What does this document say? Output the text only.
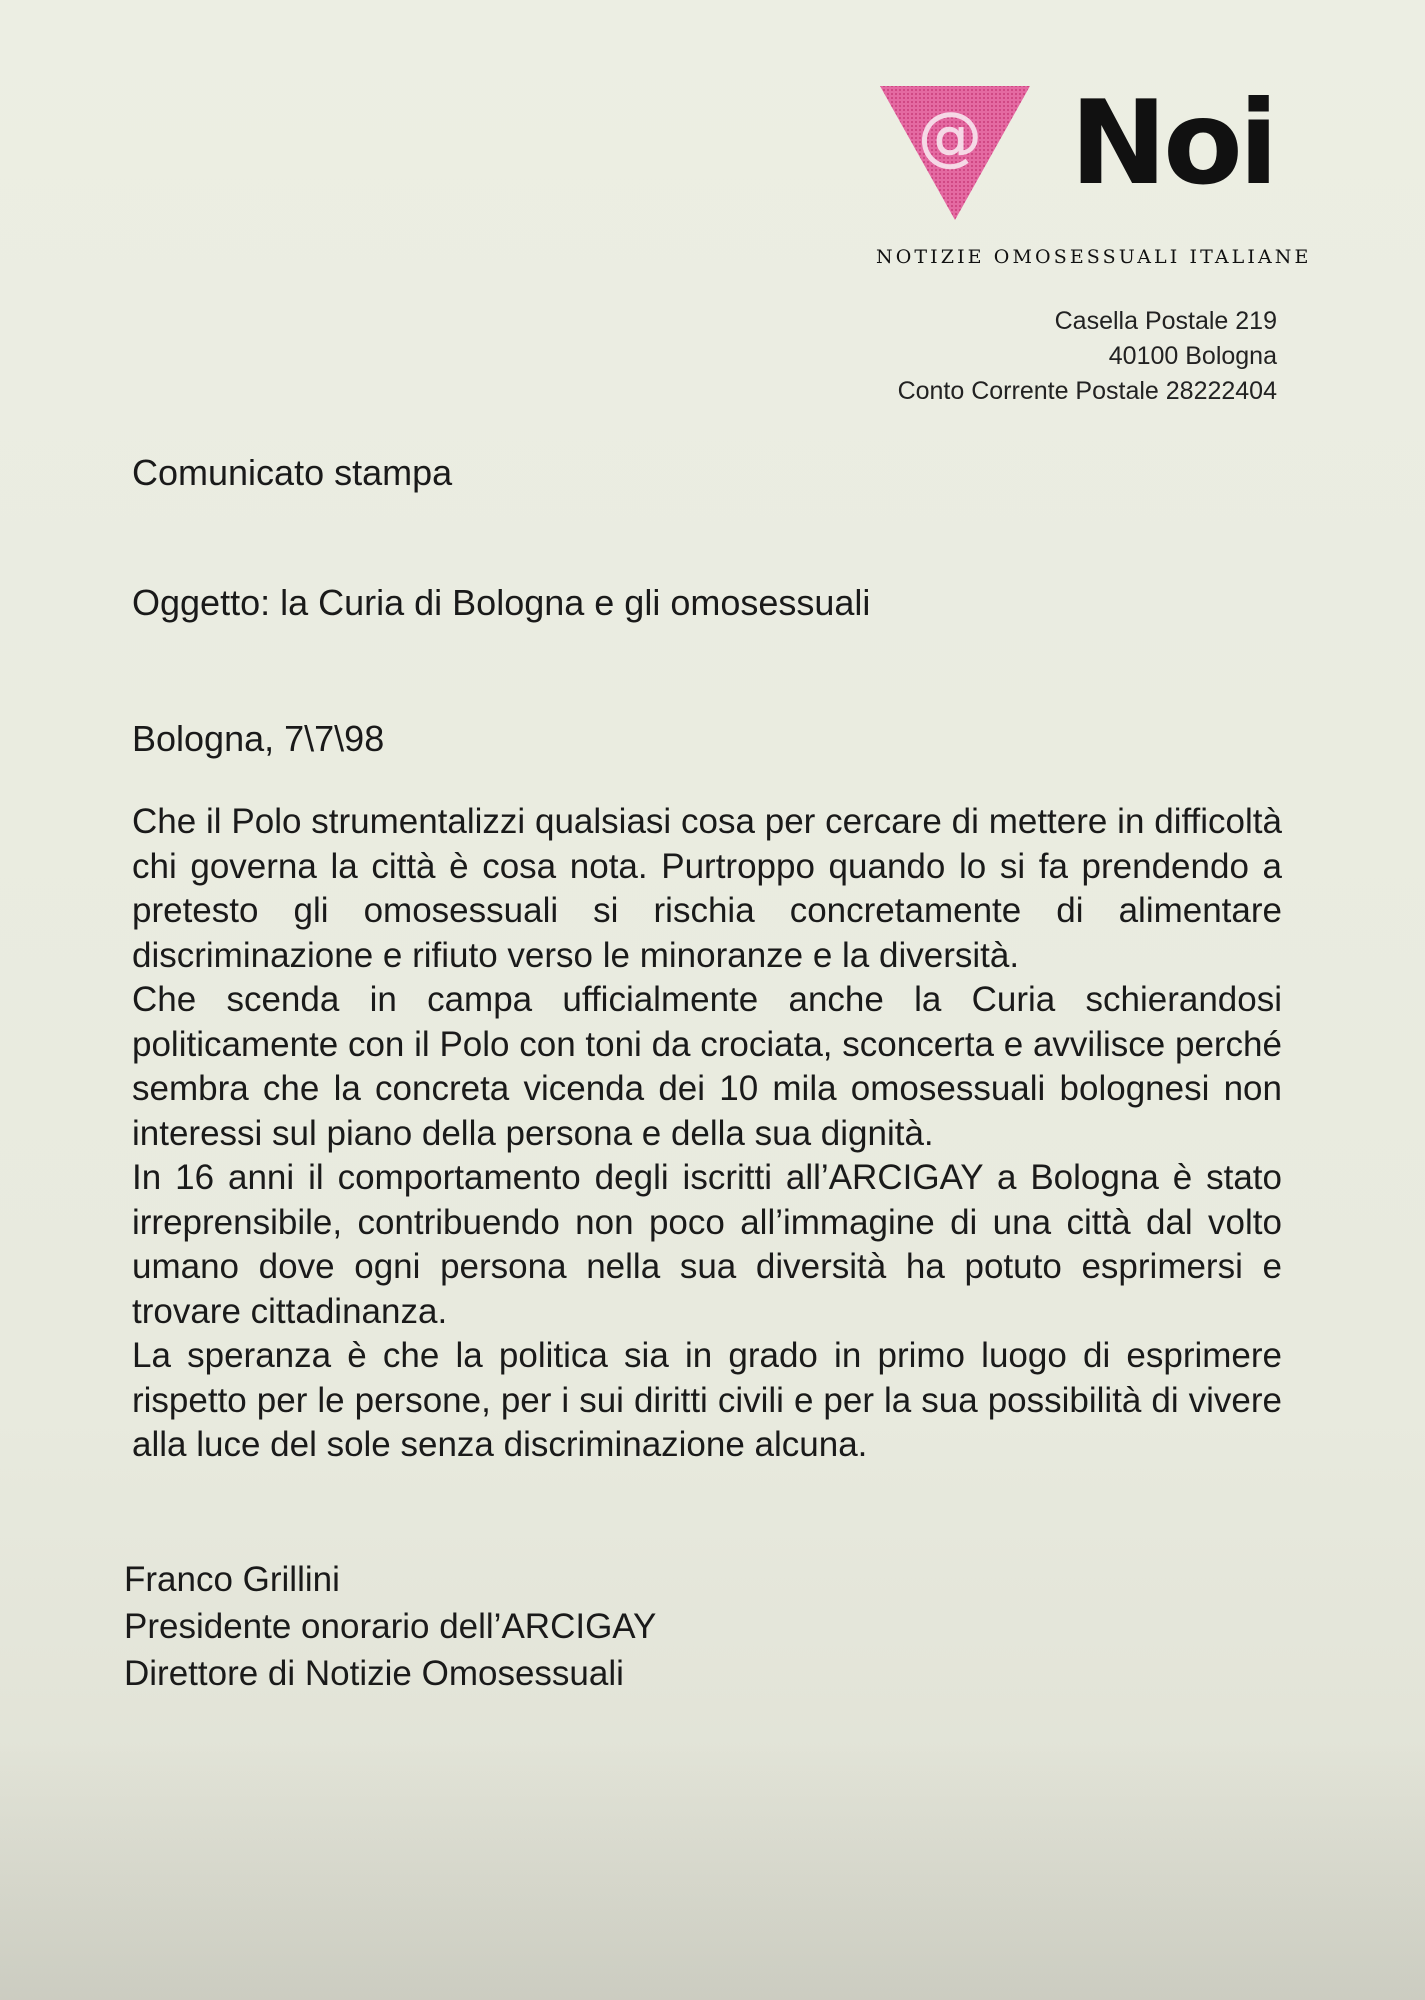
@ Noi
NOTIZIE OMOSESSUALI ITALIANE
Casella Postale 219
40100 Bologna
Conto Corrente Postale 28222404
Comunicato stampa
Oggetto: la Curia di Bologna e gli omosessuali
Bologna, 7\7\98

Che il Polo strumentalizzi qualsiasi cosa per cercare di mettere in difficoltà chi governa la città è cosa nota. Purtroppo quando lo si fa prendendo a pretesto gli omosessuali si rischia concretamente di alimentare discriminazione e rifiuto verso le minoranze e la diversità.

Che scenda in campa ufficialmente anche la Curia schierandosi politicamente con il Polo con toni da crociata, sconcerta e avvilisce perché sembra che la concreta vicenda dei 10 mila omosessuali bolognesi non interessi sul piano della persona e della sua dignità.

In 16 anni il comportamento degli iscritti all’ARCIGAY a Bologna è stato irreprensibile, contribuendo non poco all’immagine di una città dal volto umano dove ogni persona nella sua diversità ha potuto esprimersi e trovare cittadinanza.

La speranza è che la politica sia in grado in primo luogo di esprimere rispetto per le persone, per i sui diritti civili e per la sua possibilità di vivere alla luce del sole senza discriminazione alcuna.

Franco Grillini
Presidente onorario dell’ARCIGAY
Direttore di Notizie Omosessuali
